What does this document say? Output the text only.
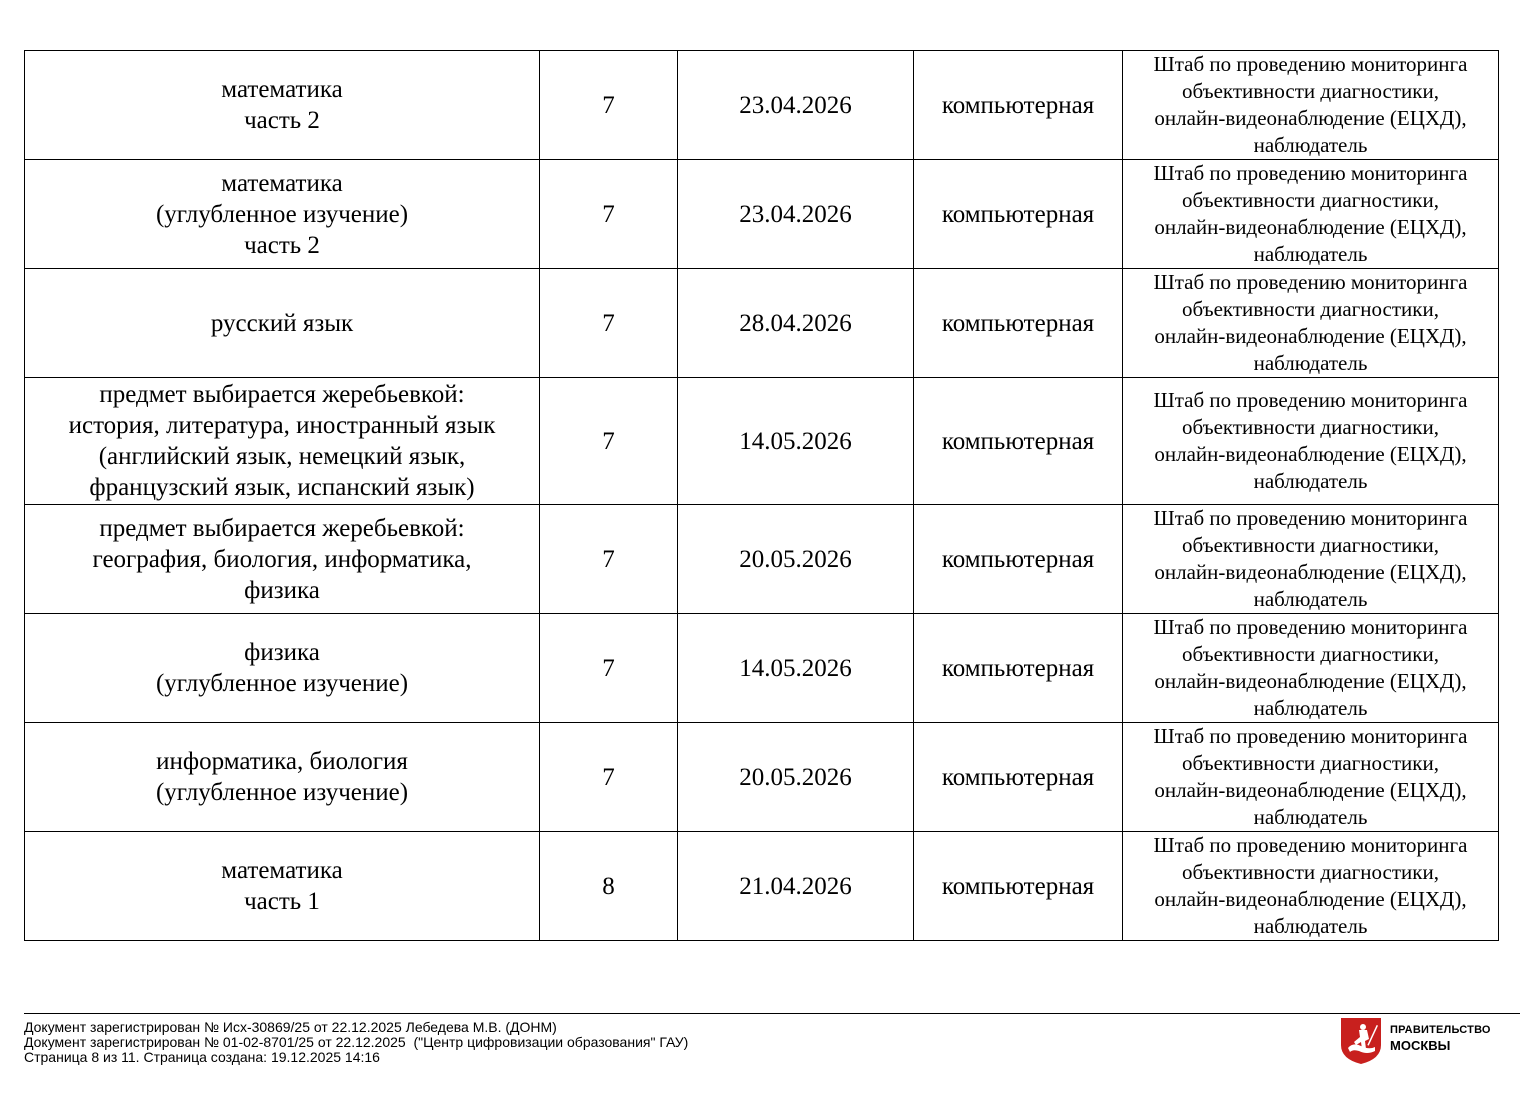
математика
часть 2	7	23.04.2026	компьютерная	Штаб по проведению мониторинга
объективности диагностики,
онлайн-видеонаблюдение (ЕЦХД),
наблюдатель

математика
(углубленное изучение)
часть 2	7	23.04.2026	компьютерная	Штаб по проведению мониторинга
объективности диагностики,
онлайн-видеонаблюдение (ЕЦХД),
наблюдатель

русский язык	7	28.04.2026	компьютерная	Штаб по проведению мониторинга
объективности диагностики,
онлайн-видеонаблюдение (ЕЦХД),
наблюдатель

предмет выбирается жеребьевкой:
история, литература, иностранный язык
(английский язык, немецкий язык,
французский язык, испанский язык)	7	14.05.2026	компьютерная	Штаб по проведению мониторинга
объективности диагностики,
онлайн-видеонаблюдение (ЕЦХД),
наблюдатель

предмет выбирается жеребьевкой:
география, биология, информатика,
физика	7	20.05.2026	компьютерная	Штаб по проведению мониторинга
объективности диагностики,
онлайн-видеонаблюдение (ЕЦХД),
наблюдатель

физика
(углубленное изучение)	7	14.05.2026	компьютерная	Штаб по проведению мониторинга
объективности диагностики,
онлайн-видеонаблюдение (ЕЦХД),
наблюдатель

информатика, биология
(углубленное изучение)	7	20.05.2026	компьютерная	Штаб по проведению мониторинга
объективности диагностики,
онлайн-видеонаблюдение (ЕЦХД),
наблюдатель

математика
часть 1	8	21.04.2026	компьютерная	Штаб по проведению мониторинга
объективности диагностики,
онлайн-видеонаблюдение (ЕЦХД),
наблюдатель
Документ зарегистрирован № Исх-30869/25 от 22.12.2025 Лебедева М.В. (ДОНМ)
Документ зарегистрирован № 01-02-8701/25 от 22.12.2025  ("Центр цифровизации образования" ГАУ)
Страница 8 из 11. Страница создана: 19.12.2025 14:16
ПРАВИТЕЛЬСТВО
МОСКВЫ
